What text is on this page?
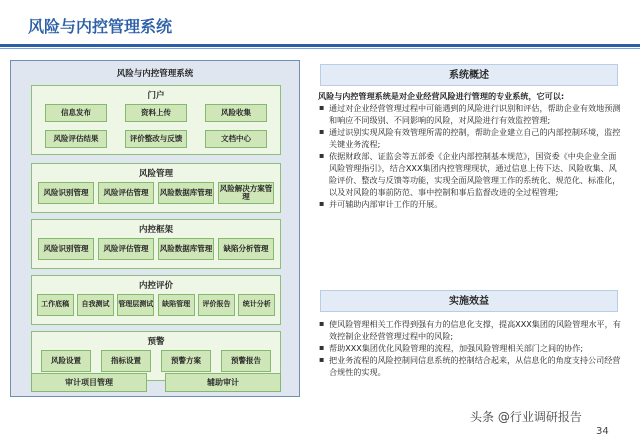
风险与内控管理系统
风险与内控管理系统
门户
信息发布	资料上传	风险收集
风险评估结果	评价整改与反馈	文档中心
风险管理
风险识别管理	风险评估管理	风险数据库管理 风险解决方案管理
内控框架
风险识别管理	风险评估管理	风险数据库管理	缺陷分析管理
内控评价
工作底稿	自我测试	管理层测试	缺陷管理	评价报告	统计分析
预警
风险设置	指标设置	预警方案	预警报告
审计项目管理	辅助审计
系统概述
风险与内控管理系统是对企业经营风险进行管理的专业系统，它可以:
▪ 通过对企业经营管理过程中可能遇到的风险进行识别和评估，帮助企业有效地预测和响应不同级别、不同影响的风险，对风险进行有效监控管理;
▪ 通过识别实现风险有效管理所需的控制，帮助企业建立自己的内部控制环境，监控关键业务流程;
▪ 依据财政部、证监会等五部委《企业内部控制基本规范》，国资委《中央企业全面风险管理指引》，结合XXX集团内控管理现状，通过信息上传下达、风险收集、风险评价、整改与反馈等功能，实现全面风险管理工作的系统化、规范化、标准化，以及对风险的事前防范、事中控制和事后监督改进的全过程管理;
▪ 并可辅助内部审计工作的开展。
实施效益
▪ 使风险管理相关工作得到强有力的信息化支撑，提高XXX集团的风险管理水平，有效控制企业经营管理过程中的风险;
▪ 帮助XXX集团优化风险管理的流程，加强风险管理相关部门之间的协作;
▪ 把业务流程的风险控制同信息系统的控制结合起来，从信息化的角度支持公司经营合规性的实现。
头条 @行业调研报告
34
